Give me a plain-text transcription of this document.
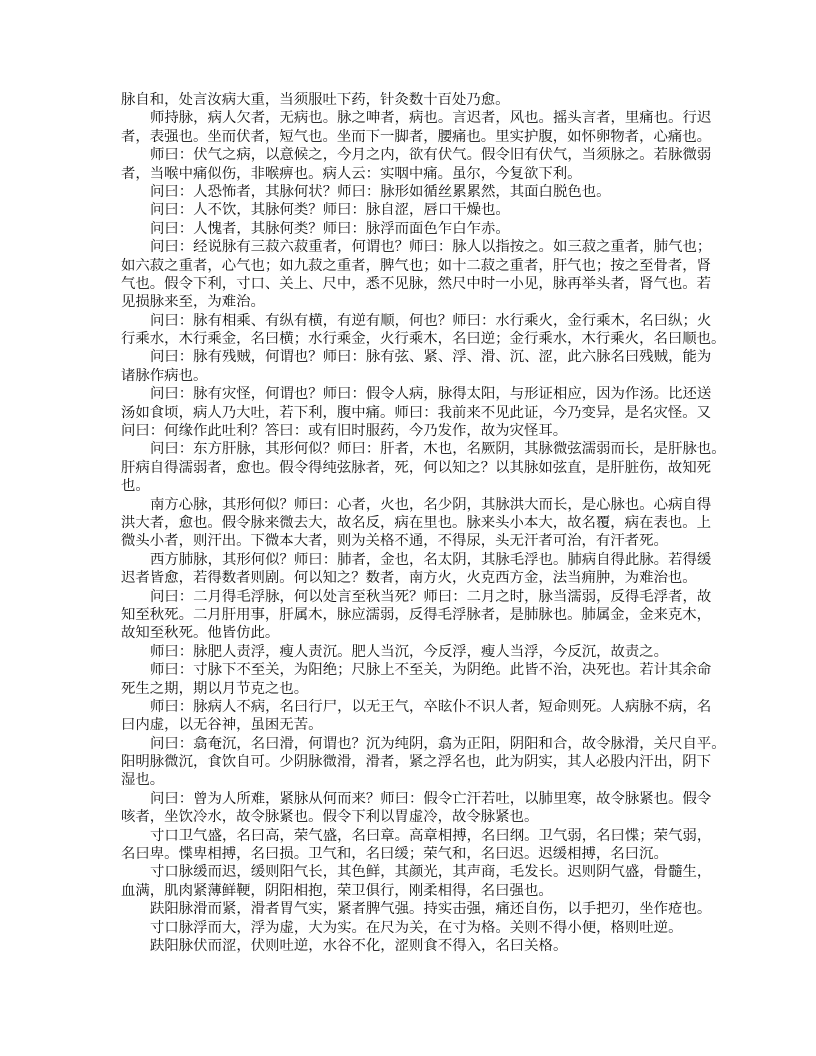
脉自和，处言汝病大重，当须服吐下药，针灸数十百处乃愈。
师持脉，病人欠者，无病也。脉之呻者，病也。言迟者，风也。摇头言者，里痛也。行迟
者，表强也。坐而伏者，短气也。坐而下一脚者，腰痛也。里实护腹，如怀卵物者，心痛也。
师曰：伏气之病，以意候之，今月之内，欲有伏气。假令旧有伏气，当须脉之。若脉微弱
者，当喉中痛似伤，非喉痹也。病人云：实咽中痛。虽尔，今复欲下利。
问曰：人恐怖者，其脉何状？师曰：脉形如循丝累累然，其面白脱色也。
问曰：人不饮，其脉何类？师曰：脉自涩，唇口干燥也。
问曰：人愧者，其脉何类？师曰：脉浮而面色乍白乍赤。
问曰：经说脉有三菽六菽重者，何谓也？师曰：脉人以指按之。如三菽之重者，肺气也；
如六菽之重者，心气也；如九菽之重者，脾气也；如十二菽之重者，肝气也；按之至骨者，肾
气也。假令下利，寸口、关上、尺中，悉不见脉，然尺中时一小见，脉再举头者，肾气也。若
见损脉来至，为难治。
问曰：脉有相乘、有纵有横，有逆有顺，何也？师曰：水行乘火，金行乘木，名曰纵；火
行乘水，木行乘金，名曰横；水行乘金，火行乘木，名曰逆；金行乘水，木行乘火，名曰顺也。
问曰：脉有残贼，何谓也？师曰：脉有弦、紧、浮、滑、沉、涩，此六脉名曰残贼，能为
诸脉作病也。
问曰：脉有灾怪，何谓也？师曰：假令人病，脉得太阳，与形证相应，因为作汤。比还送
汤如食顷，病人乃大吐，若下利，腹中痛。师曰：我前来不见此证，今乃变异，是名灾怪。又
问曰：何缘作此吐利？答曰：或有旧时服药，今乃发作，故为灾怪耳。
问曰：东方肝脉，其形何似？师曰：肝者，木也，名厥阴，其脉微弦濡弱而长，是肝脉也。
肝病自得濡弱者，愈也。假令得纯弦脉者，死，何以知之？以其脉如弦直，是肝脏伤，故知死
也。
南方心脉，其形何似？师曰：心者，火也，名少阴，其脉洪大而长，是心脉也。心病自得
洪大者，愈也。假令脉来微去大，故名反，病在里也。脉来头小本大，故名覆，病在表也。上
微头小者，则汗出。下微本大者，则为关格不通，不得尿，头无汗者可治，有汗者死。
西方肺脉，其形何似？师曰：肺者，金也，名太阴，其脉毛浮也。肺病自得此脉。若得缓
迟者皆愈，若得数者则剧。何以知之？数者，南方火，火克西方金，法当痈肿，为难治也。
问曰：二月得毛浮脉，何以处言至秋当死？师曰：二月之时，脉当濡弱，反得毛浮者，故
知至秋死。二月肝用事，肝属木，脉应濡弱，反得毛浮脉者，是肺脉也。肺属金，金来克木，
故知至秋死。他皆仿此。
师曰：脉肥人责浮，瘦人责沉。肥人当沉，今反浮，瘦人当浮，今反沉，故责之。
师曰：寸脉下不至关，为阳绝；尺脉上不至关，为阴绝。此皆不治，决死也。若计其余命
死生之期，期以月节克之也。
师曰：脉病人不病，名曰行尸，以无王气，卒眩仆不识人者，短命则死。人病脉不病，名
曰内虚，以无谷神，虽困无苦。
问曰：翕奄沉，名曰滑，何谓也？沉为纯阴，翕为正阳，阴阳和合，故令脉滑，关尺自平。
阳明脉微沉，食饮自可。少阴脉微滑，滑者，紧之浮名也，此为阴实，其人必股内汗出，阴下
湿也。
问曰：曾为人所难，紧脉从何而来？师曰：假令亡汗若吐，以肺里寒，故令脉紧也。假令
咳者，坐饮冷水，故令脉紧也。假令下利以胃虚冷，故令脉紧也。
寸口卫气盛，名曰高，荣气盛，名曰章。高章相搏，名曰纲。卫气弱，名曰惵；荣气弱，
名曰卑。惵卑相搏，名曰损。卫气和，名曰缓；荣气和，名曰迟。迟缓相搏，名曰沉。
寸口脉缓而迟，缓则阳气长，其色鲜，其颜光，其声商，毛发长。迟则阴气盛，骨髓生，
血满，肌肉紧薄鲜鞕，阴阳相抱，荣卫俱行，刚柔相得，名曰强也。
趺阳脉滑而紧，滑者胃气实，紧者脾气强。持实击强，痛还自伤，以手把刃，坐作疮也。
寸口脉浮而大，浮为虚，大为实。在尺为关，在寸为格。关则不得小便，格则吐逆。
趺阳脉伏而涩，伏则吐逆，水谷不化，涩则食不得入，名曰关格。
